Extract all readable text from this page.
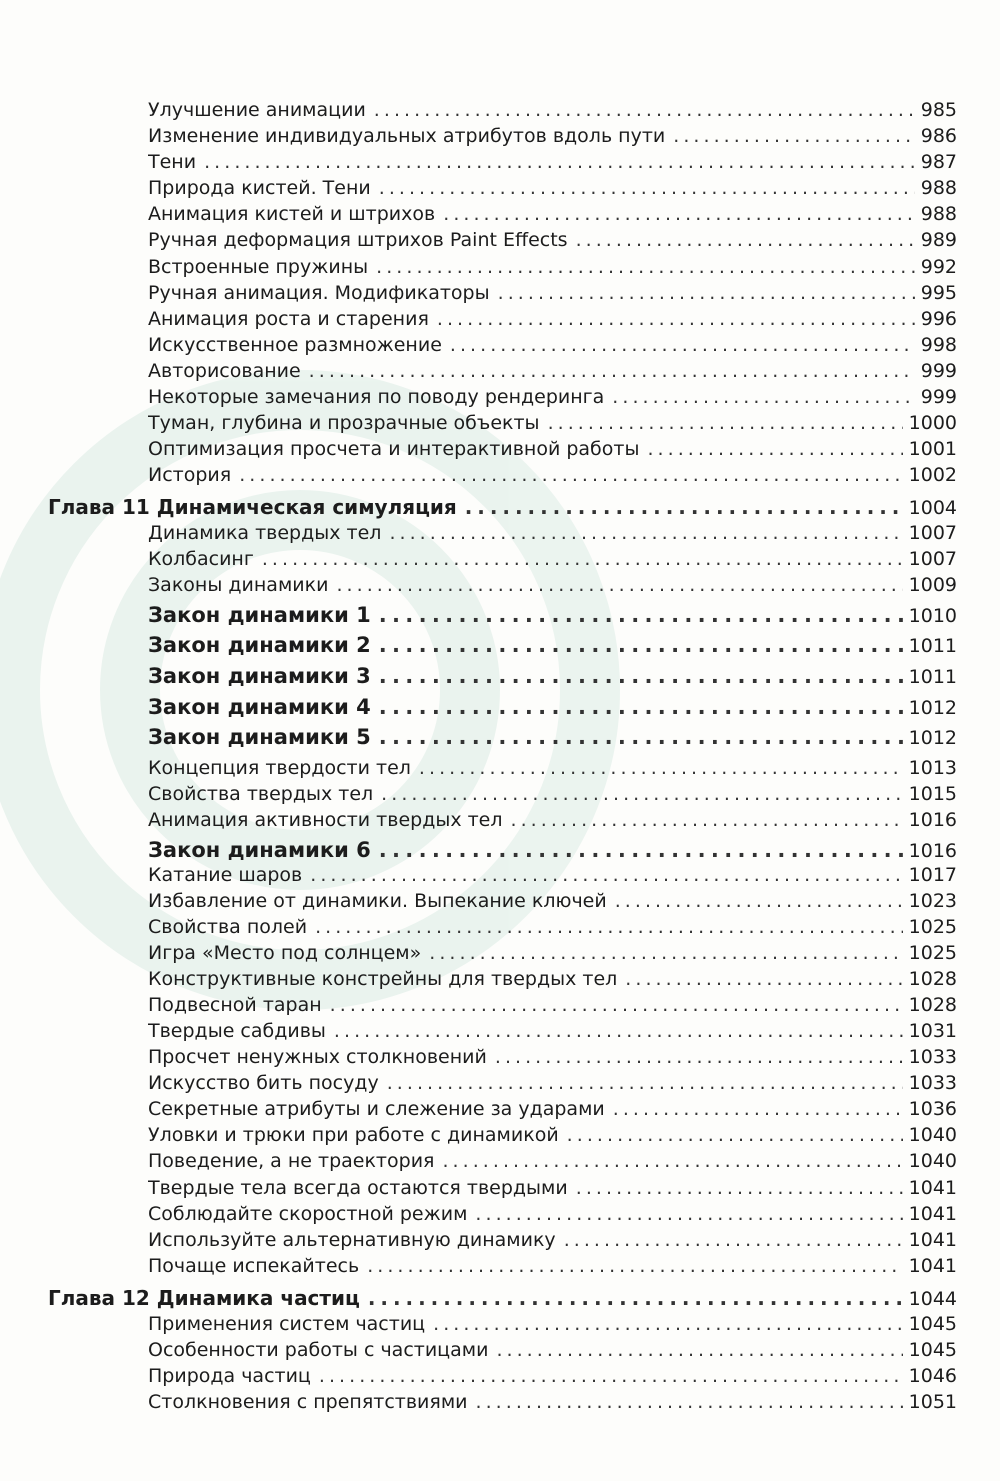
Улучшение анимации . . .	985
Изменение индивидуальных атрибутов вдоль пути . . .	986
Тени . . .	987
Природа кистей. Тени . . .	988
Анимация кистей и штрихов . . .	988
Ручная деформация штрихов Paint Effects . . .	989
Встроенные пружины . . .	992
Ручная анимация. Модификаторы . . .	995
Анимация роста и старения . . .	996
Искусственное размножение . . .	998
Авторисование . . .	999
Некоторые замечания по поводу рендеринга . . .	999
Туман, глубина и прозрачные объекты . . .	1000
Оптимизация просчета и интерактивной работы . . .	1001
История . . .	1002
Глава 11 Динамическая симуляция . . .	1004
Динамика твердых тел . . .	1007
Колбасинг . . .	1007
Законы динамики . . .	1009
Закон динамики 1 . . .	1010
Закон динамики 2 . . .	1011
Закон динамики 3 . . .	1011
Закон динамики 4 . . .	1012
Закон динамики 5 . . .	1012
Концепция твердости тел . . .	1013
Свойства твердых тел . . .	1015
Анимация активности твердых тел . . .	1016
Закон динамики 6 . . .	1016
Катание шаров . . .	1017
Избавление от динамики. Выпекание ключей . . .	1023
Свойства полей . . .	1025
Игра «Место под солнцем» . . .	1025
Конструктивные констрейны для твердых тел . . .	1028
Подвесной таран . . .	1028
Твердые сабдивы . . .	1031
Просчет ненужных столкновений . . .	1033
Искусство бить посуду . . .	1033
Секретные атрибуты и слежение за ударами . . .	1036
Уловки и трюки при работе с динамикой . . .	1040
Поведение, а не траектория . . .	1040
Твердые тела всегда остаются твердыми . . .	1041
Соблюдайте скоростной режим . . .	1041
Используйте альтернативную динамику . . .	1041
Почаще испекайтесь . . .	1041
Глава 12 Динамика частиц . . .	1044
Применения систем частиц . . .	1045
Особенности работы с частицами . . .	1045
Природа частиц . . .	1046
Столкновения с препятствиями . . .	1051
